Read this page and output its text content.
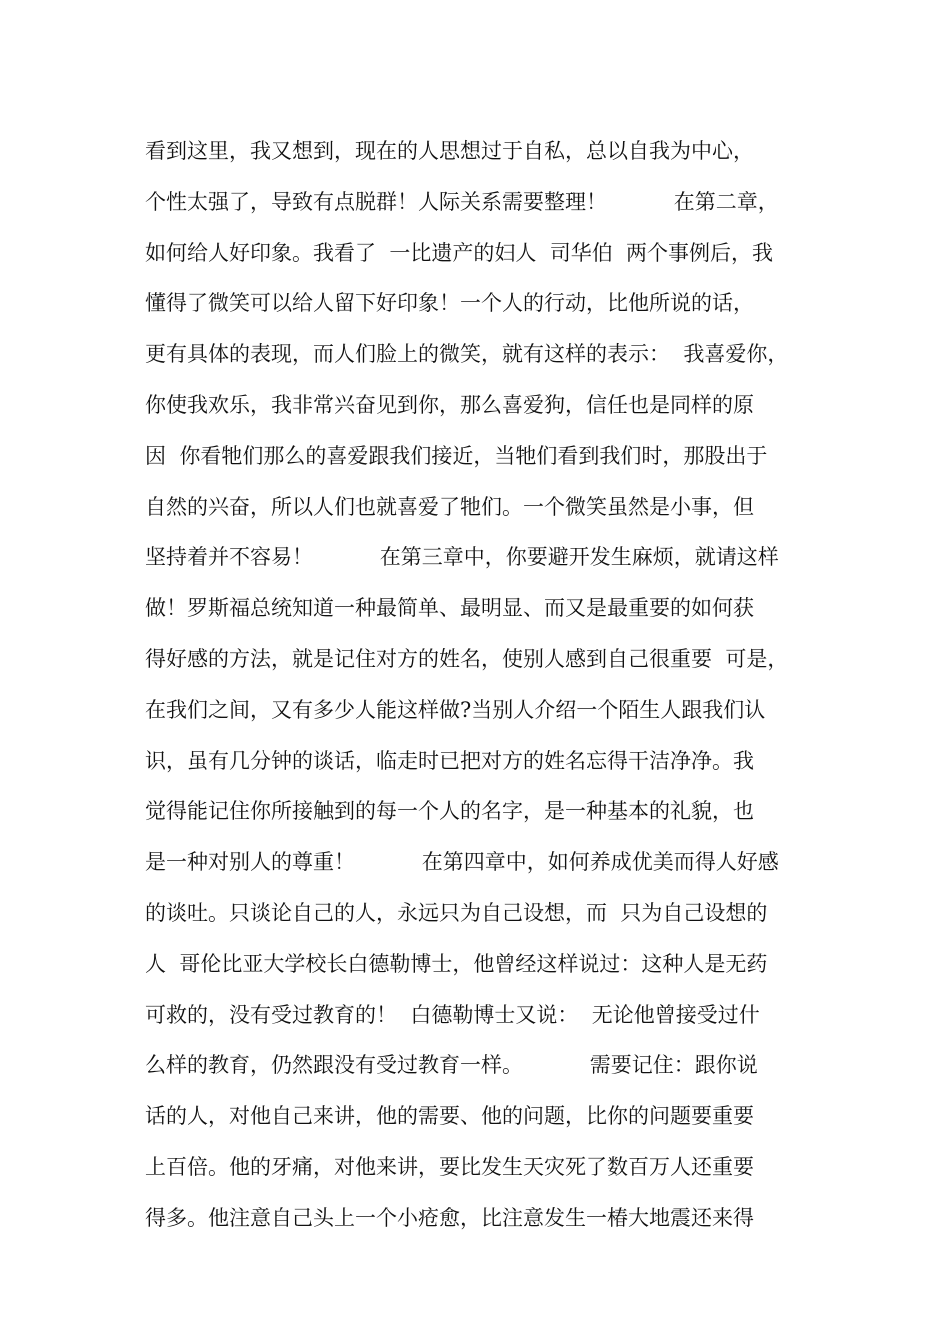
看到这里，我又想到，现在的人思想过于自私，总以自我为中心，
个性太强了，导致有点脱群！人际关系需要整理！          在第二章，
如何给人好印象。我看了  一比遗产的妇人  司华伯  两个事例后，我
懂得了微笑可以给人留下好印象！一个人的行动，比他所说的话，
更有具体的表现，而人们脸上的微笑，就有这样的表示：  我喜爱你，
你使我欢乐，我非常兴奋见到你，那么喜爱狗，信任也是同样的原
因  你看牠们那么的喜爱跟我们接近，当牠们看到我们时，那股出于
自然的兴奋，所以人们也就喜爱了牠们。一个微笑虽然是小事，但
坚持着并不容易！          在第三章中，你要避开发生麻烦，就请这样
做！罗斯福总统知道一种最简单、最明显、而又是最重要的如何获
得好感的方法，就是记住对方的姓名，使别人感到自己很重要  可是，
在我们之间，又有多少人能这样做?当别人介绍一个陌生人跟我们认
识，虽有几分钟的谈话，临走时已把对方的姓名忘得干洁净净。我
觉得能记住你所接触到的每一个人的名字，是一种基本的礼貌，也
是一种对别人的尊重！          在第四章中，如何养成优美而得人好感
的谈吐。只谈论自己的人，永远只为自己设想，而  只为自己设想的
人  哥伦比亚大学校长白德勒博士，他曾经这样说过：这种人是无药
可救的，没有受过教育的！  白德勒博士又说：  无论他曾接受过什
么样的教育，仍然跟没有受过教育一样。          需要记住：跟你说
话的人，对他自己来讲，他的需要、他的问题，比你的问题要重要
上百倍。他的牙痛，对他来讲，要比发生天灾死了数百万人还重要
得多。他注意自己头上一个小疮愈，比注意发生一椿大地震还来得
